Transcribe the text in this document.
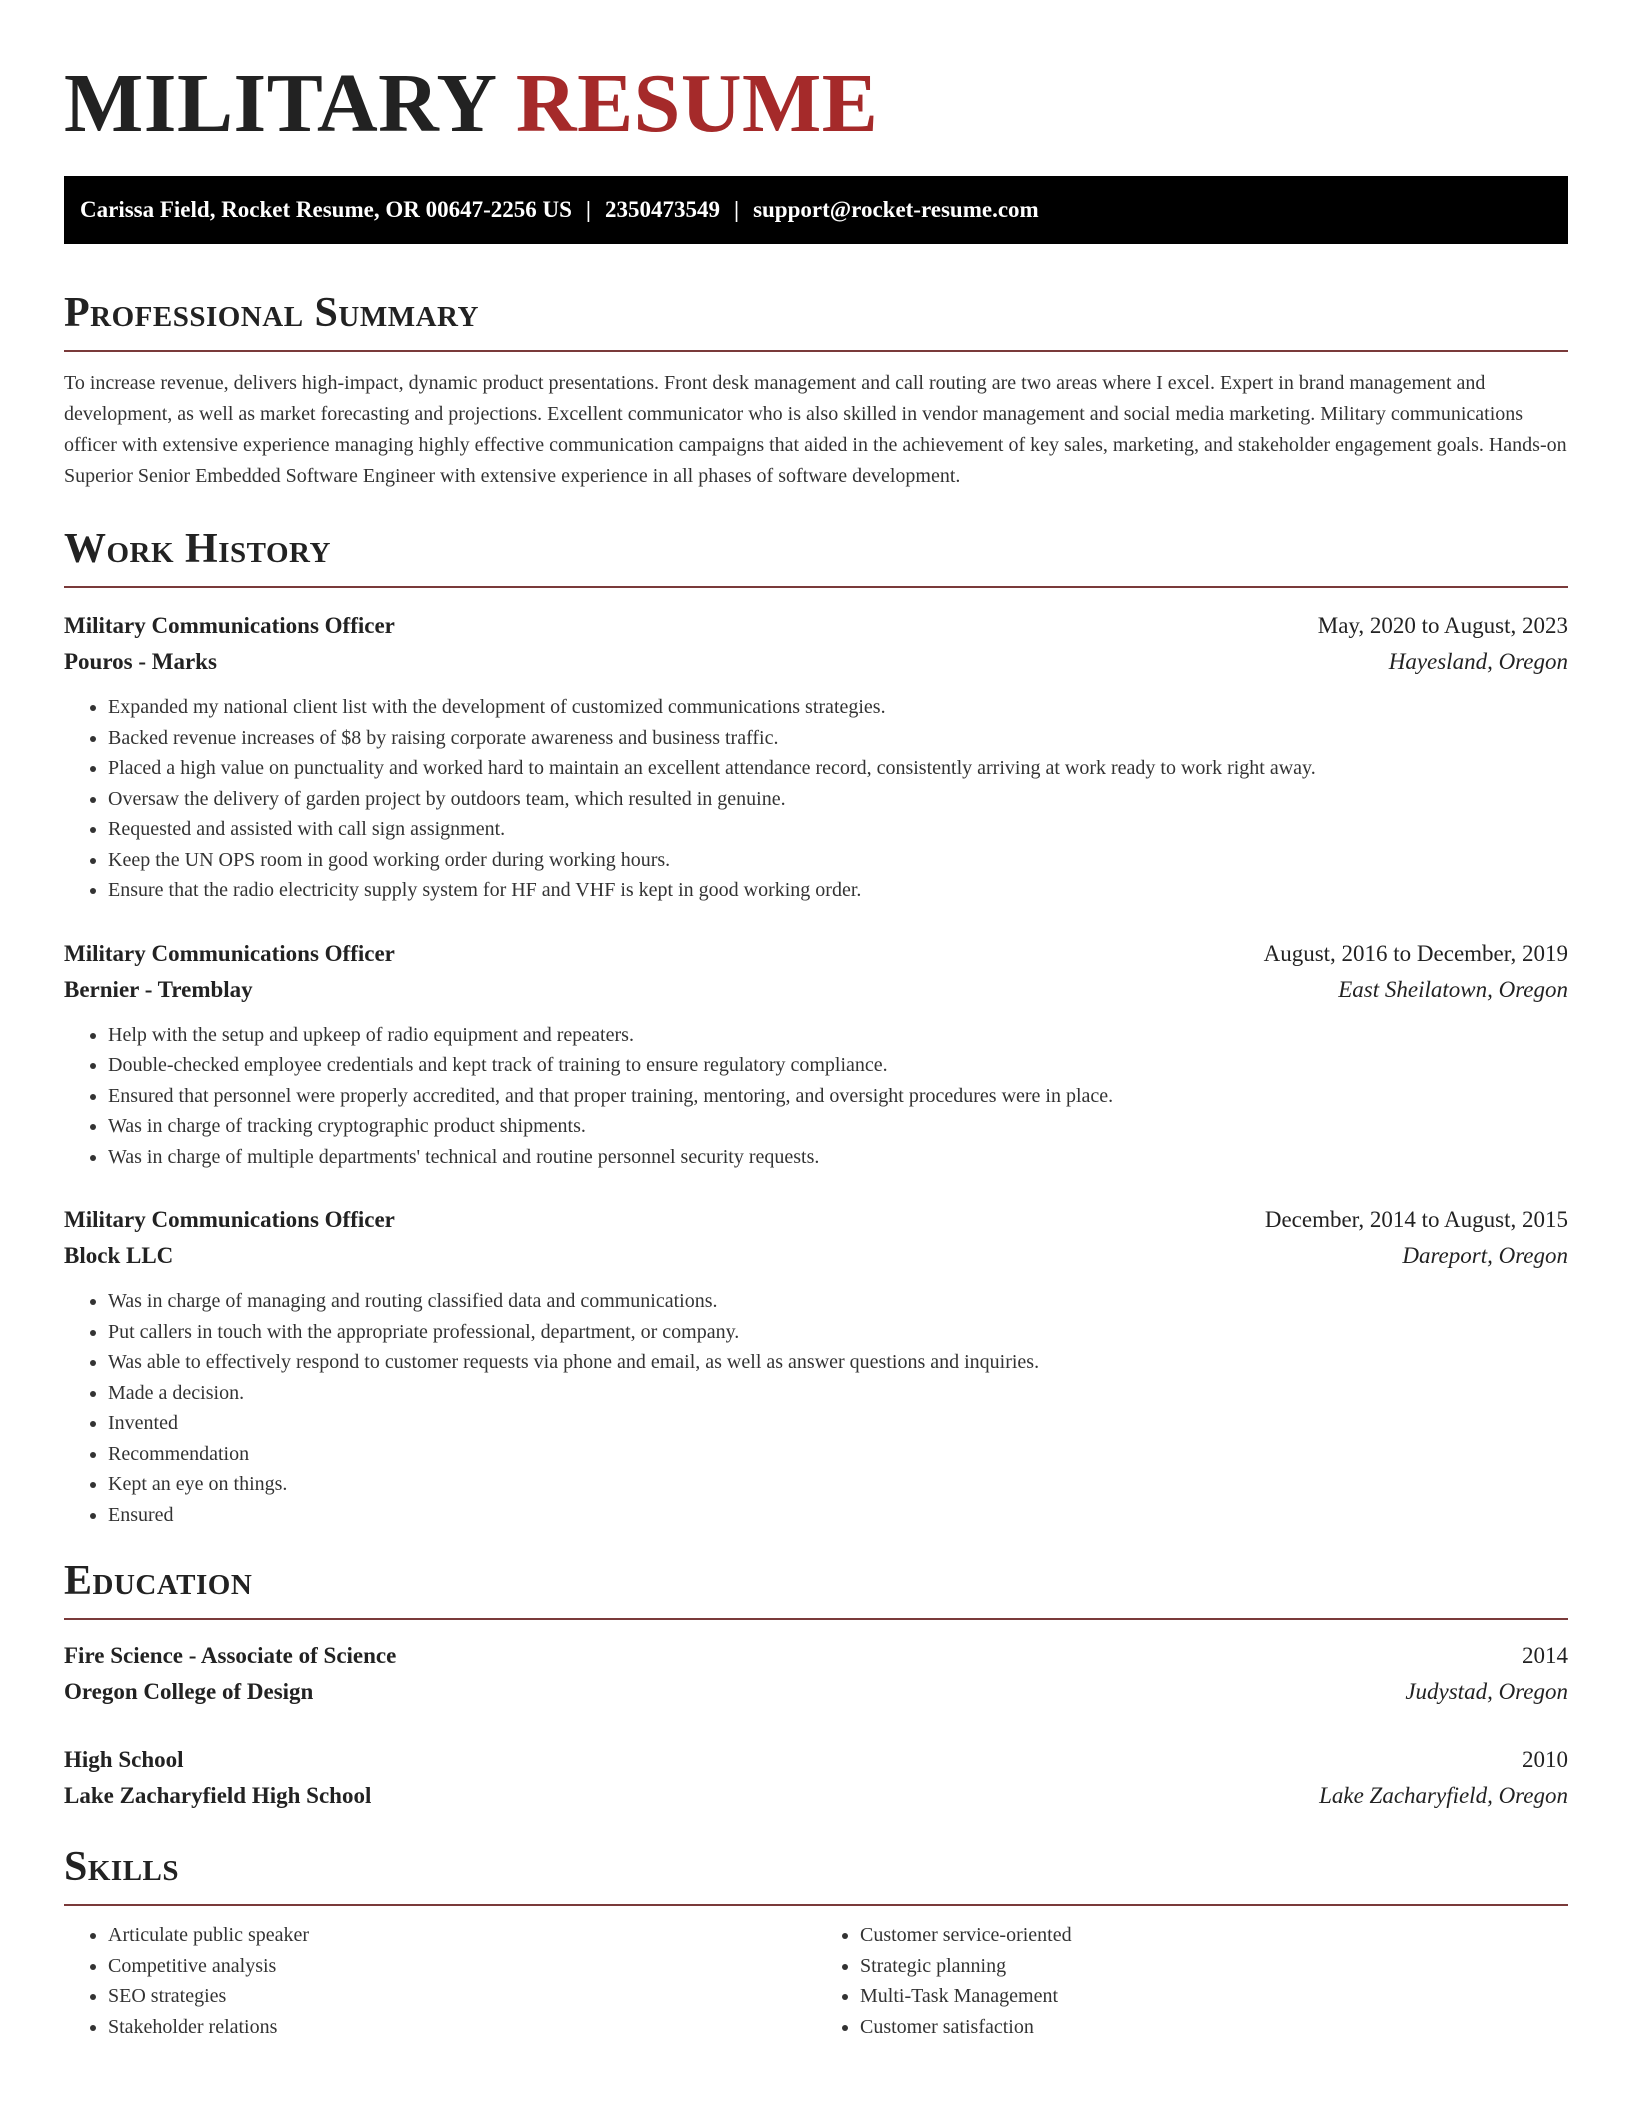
MILITARY RESUME
Carissa Field, Rocket Resume, OR 00647-2256 US | 2350473549 | support@rocket-resume.com
Professional Summary

To increase revenue, delivers high-impact, dynamic product presentations. Front desk management and call routing are two areas where I excel. Expert in brand management and development, as well as market forecasting and projections. Excellent communicator who is also skilled in vendor management and social media marketing. Military communications officer with extensive experience managing highly effective communication campaigns that aided in the achievement of key sales, marketing, and stakeholder engagement goals. Hands-on Superior Senior Embedded Software Engineer with extensive experience in all phases of software development.

Work History
Military Communications Officer	May, 2020 to August, 2023
Pouros - Marks	Hayesland, Oregon
• Expanded my national client list with the development of customized communications strategies.
• Backed revenue increases of $8 by raising corporate awareness and business traffic.
• Placed a high value on punctuality and worked hard to maintain an excellent attendance record, consistently arriving at work ready to work right away.
• Oversaw the delivery of garden project by outdoors team, which resulted in genuine.
• Requested and assisted with call sign assignment.
• Keep the UN OPS room in good working order during working hours.
• Ensure that the radio electricity supply system for HF and VHF is kept in good working order.
Military Communications Officer	August, 2016 to December, 2019
Bernier - Tremblay	East Sheilatown, Oregon
• Help with the setup and upkeep of radio equipment and repeaters.
• Double-checked employee credentials and kept track of training to ensure regulatory compliance.
• Ensured that personnel were properly accredited, and that proper training, mentoring, and oversight procedures were in place.
• Was in charge of tracking cryptographic product shipments.
• Was in charge of multiple departments' technical and routine personnel security requests.
Military Communications Officer	December, 2014 to August, 2015
Block LLC	Dareport, Oregon
• Was in charge of managing and routing classified data and communications.
• Put callers in touch with the appropriate professional, department, or company.
• Was able to effectively respond to customer requests via phone and email, as well as answer questions and inquiries.
• Made a decision.
• Invented
• Recommendation
• Kept an eye on things.
• Ensured
Education
Fire Science - Associate of Science	2014
Oregon College of Design	Judystad, Oregon
High School	2010
Lake Zacharyfield High School	Lake Zacharyfield, Oregon
Skills
• Articulate public speaker
• Competitive analysis
• SEO strategies
• Stakeholder relations
• Customer service-oriented
• Strategic planning
• Multi-Task Management
• Customer satisfaction
